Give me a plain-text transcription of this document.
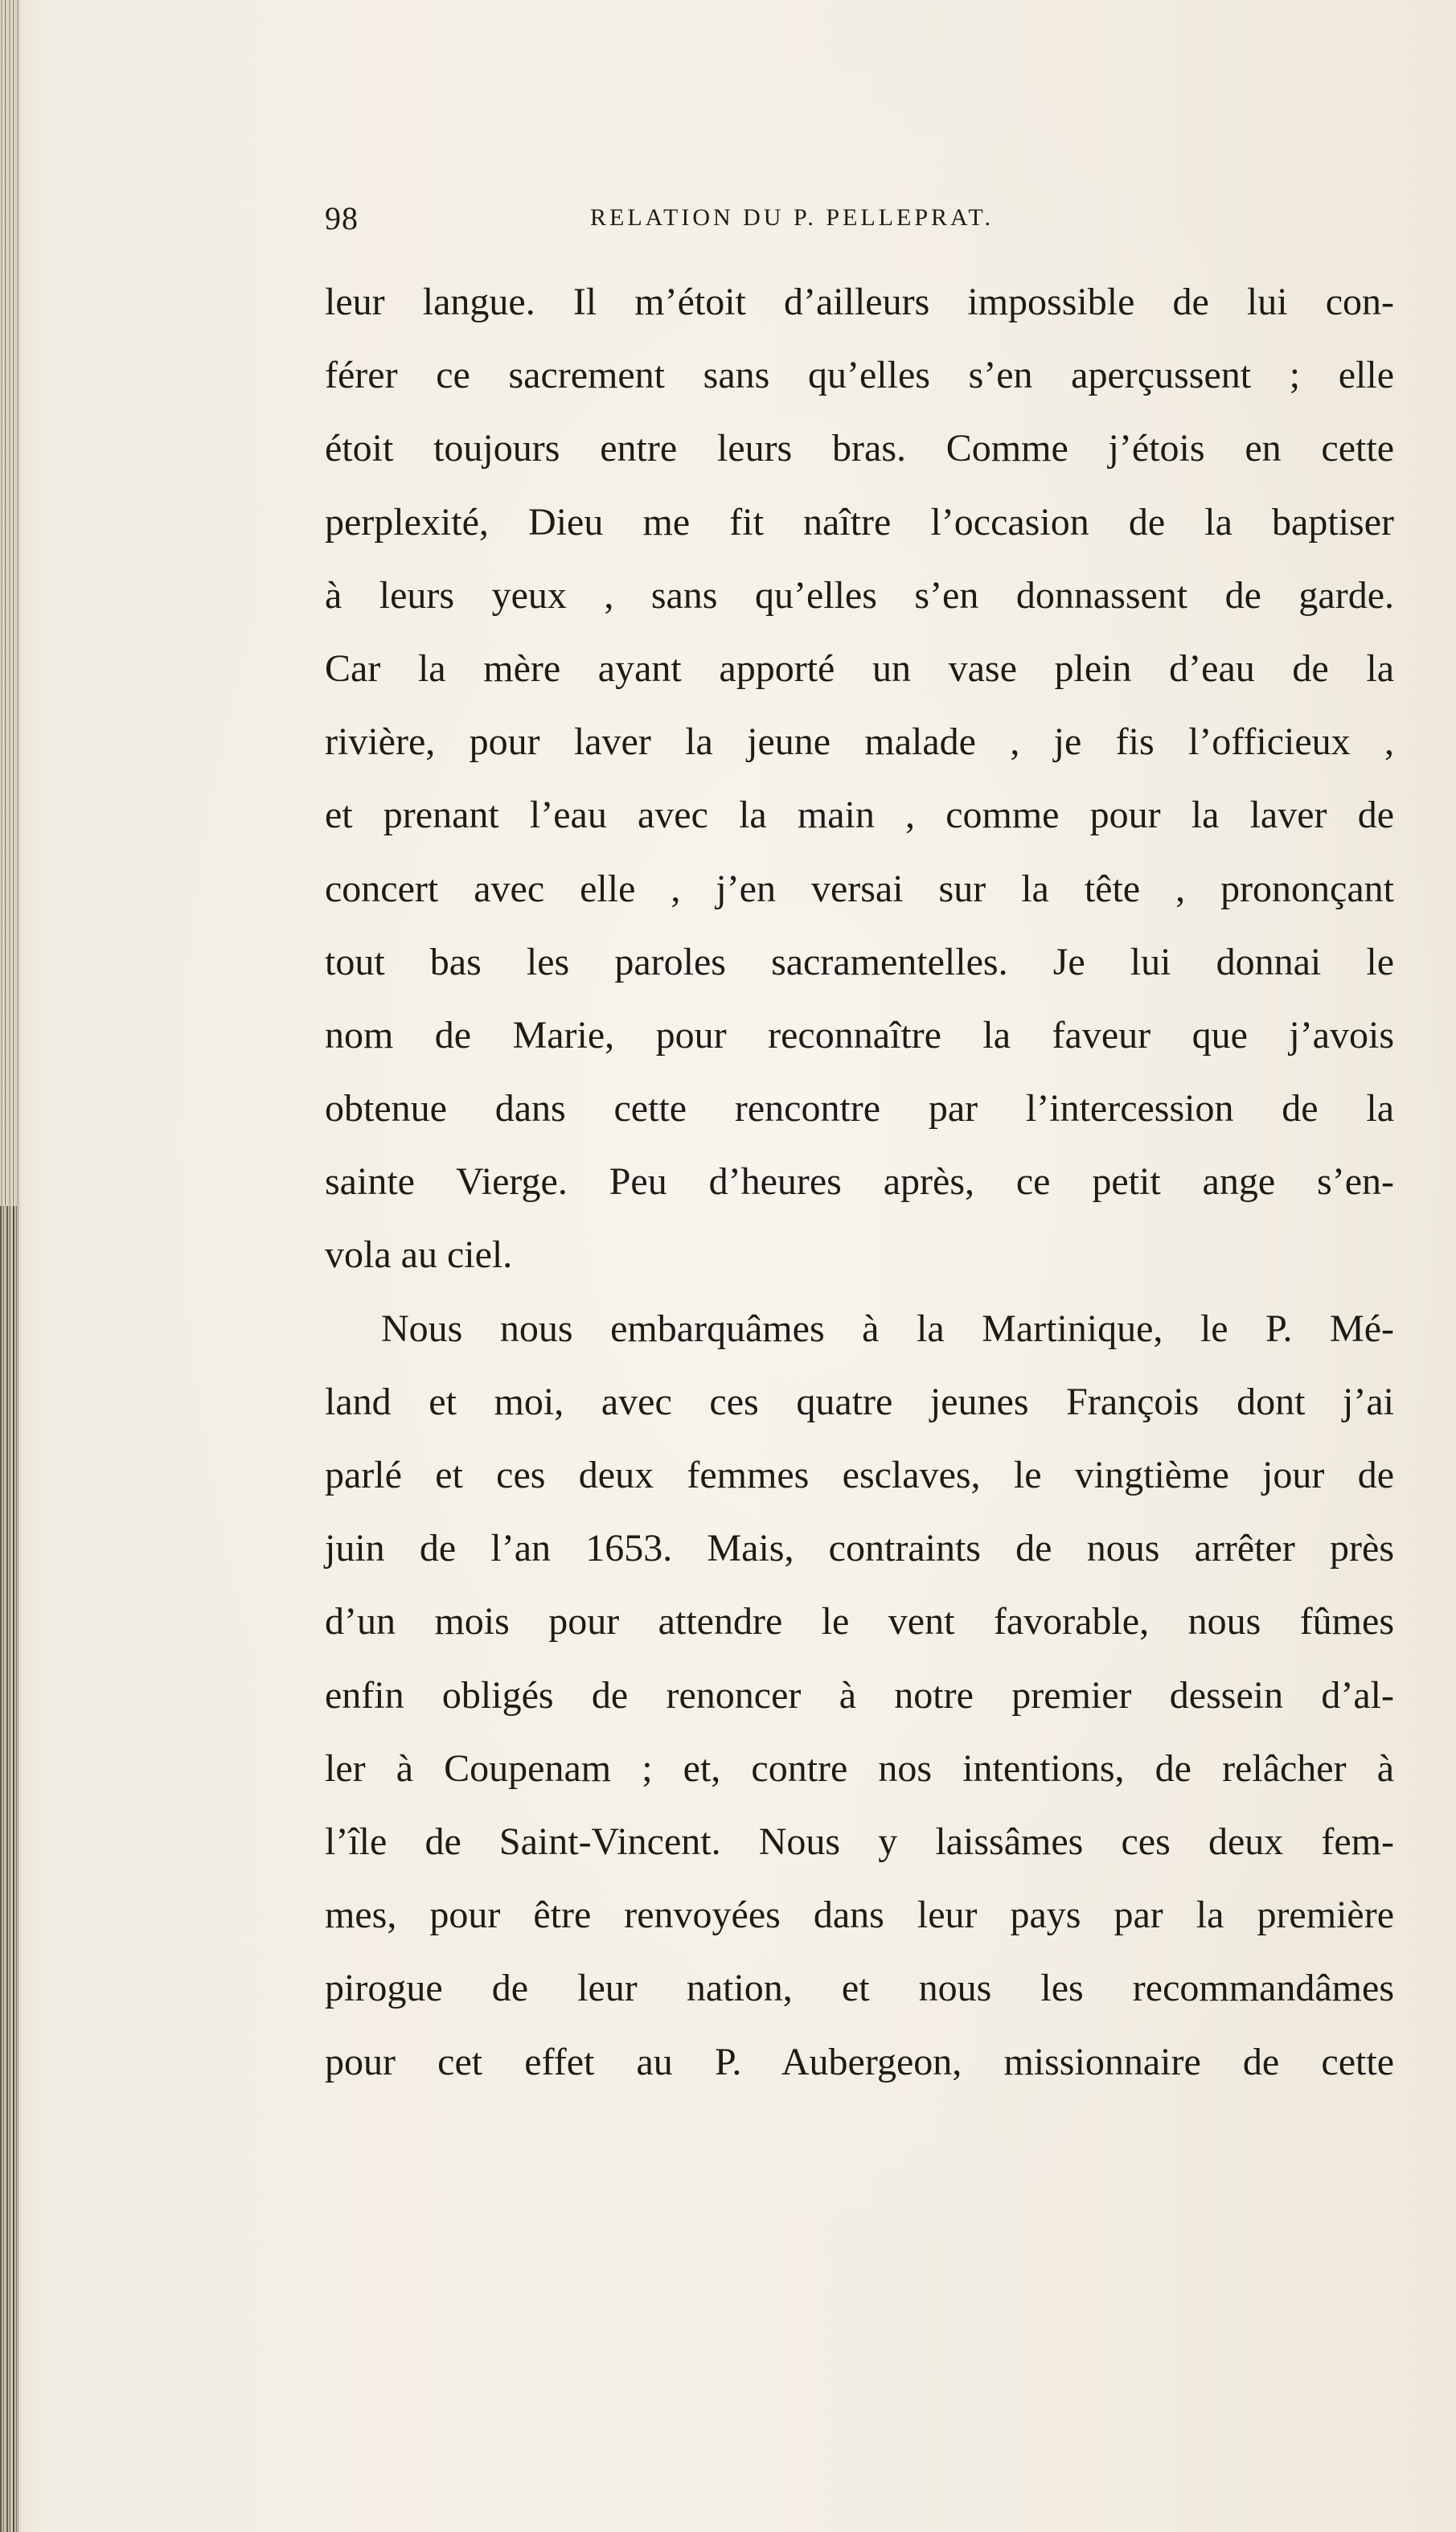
98	RELATION DU P. PELLEPRAT.
leur langue. Il m’étoit d’ailleurs impossible de lui con-
férer ce sacrement sans qu’elles s’en aperçussent ; elle
étoit toujours entre leurs bras. Comme j’étois en cette
perplexité, Dieu me fit naître l’occasion de la baptiser
à leurs yeux , sans qu’elles s’en donnassent de garde.
Car la mère ayant apporté un vase plein d’eau de la
rivière, pour laver la jeune malade , je fis l’officieux ,
et prenant l’eau avec la main , comme pour la laver de
concert avec elle , j’en versai sur la tête , prononçant
tout bas les paroles sacramentelles. Je lui donnai le
nom de Marie, pour reconnaître la faveur que j’avois
obtenue dans cette rencontre par l’intercession de la
sainte Vierge. Peu d’heures après, ce petit ange s’en-
vola au ciel.
Nous nous embarquâmes à la Martinique, le P. Mé-
land et moi, avec ces quatre jeunes François dont j’ai
parlé et ces deux femmes esclaves, le vingtième jour de
juin de l’an 1653. Mais, contraints de nous arrêter près
d’un mois pour attendre le vent favorable, nous fûmes
enfin obligés de renoncer à notre premier dessein d’al-
ler à Coupenam ; et, contre nos intentions, de relâcher à
l’île de Saint-Vincent. Nous y laissâmes ces deux fem-
mes, pour être renvoyées dans leur pays par la première
pirogue de leur nation, et nous les recommandâmes
pour cet effet au P. Aubergeon, missionnaire de cette
